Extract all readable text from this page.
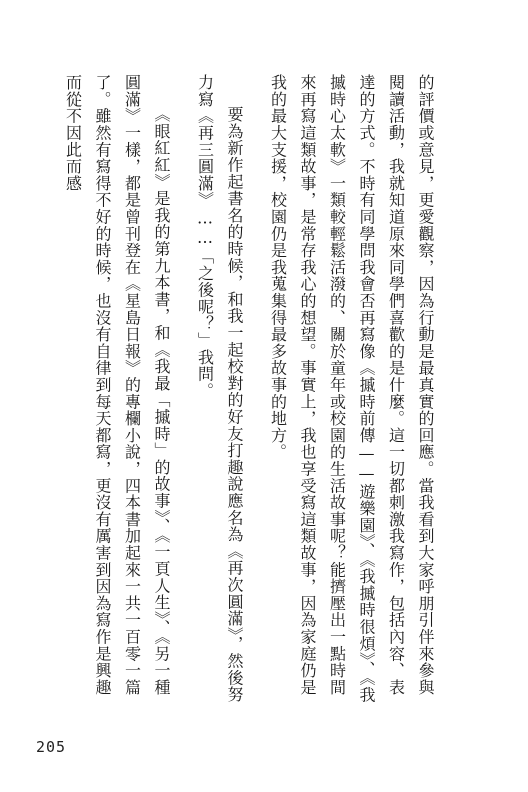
的評價或意見，更愛觀察，因為行動是最真實的回應。當我看到大家呼朋引伴來參與閱讀活動，我就知道原來同學們喜歡的是什麼。這一切都刺激我寫作，包括內容、表達的方式。不時有同學問我會否再寫像《摵時前傳——遊樂園》、《我摵時很煩》、《我摵時心太軟》一類較輕鬆活潑的、關於童年或校園的生活故事呢？能擠壓出一點時間來再寫這類故事，是常存我心的想望。事實上，我也享受寫這類故事，因為家庭仍是我的最大支援，校園仍是我蒐集得最多故事的地方。

要為新作起書名的時候，和我一起校對的好友打趣說應名為《再次圓滿》，然後努力寫《再三圓滿》……「之後呢？」我問。

《眼紅紅》是我的第九本書，和《我最「摵時」的故事》、《一頁人生》、《另一種圓滿》一樣，都是曾刊登在《星島日報》的專欄小說，四本書加起來一共一百零一篇了。雖然有寫得不好的時候，也沒有自律到每天都寫，更沒有厲害到因為寫作是興趣而從不因此而感

205
